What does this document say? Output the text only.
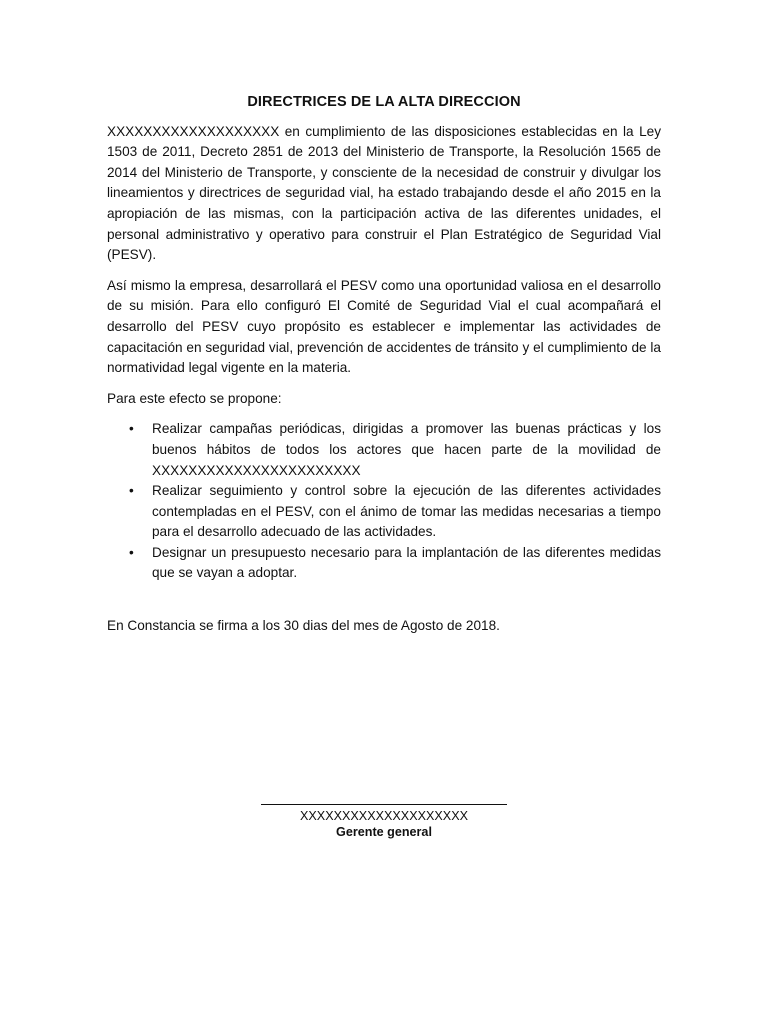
DIRECTRICES DE LA ALTA DIRECCION

XXXXXXXXXXXXXXXXXXX en cumplimiento de las disposiciones establecidas en la Ley 1503 de 2011, Decreto 2851 de 2013 del Ministerio de Transporte, la Resolución 1565 de 2014 del Ministerio de Transporte, y consciente de la necesidad de construir y divulgar los lineamientos y directrices de seguridad vial, ha estado trabajando desde el año 2015 en la apropiación de las mismas, con la participación activa de las diferentes unidades, el personal administrativo y operativo para construir el Plan Estratégico de Seguridad Vial (PESV).

Así mismo la empresa, desarrollará el PESV como una oportunidad valiosa en el desarrollo de su misión. Para ello configuró El Comité de Seguridad Vial el cual acompañará el desarrollo del PESV cuyo propósito es establecer e implementar las actividades de capacitación en seguridad vial, prevención de accidentes de tránsito y el cumplimiento de la normatividad legal vigente en la materia.

Para este efecto se propone:

• Realizar campañas periódicas, dirigidas a promover las buenas prácticas y los buenos hábitos de todos los actores que hacen parte de la movilidad de XXXXXXXXXXXXXXXXXXXXXXX
• Realizar seguimiento y control sobre la ejecución de las diferentes actividades contempladas en el PESV, con el ánimo de tomar las medidas necesarias a tiempo para el desarrollo adecuado de las actividades.
• Designar un presupuesto necesario para la implantación de las diferentes medidas que se vayan a adoptar.

En Constancia se firma a los 30 dias del mes de Agosto de 2018.

XXXXXXXXXXXXXXXXXXXX
Gerente general
